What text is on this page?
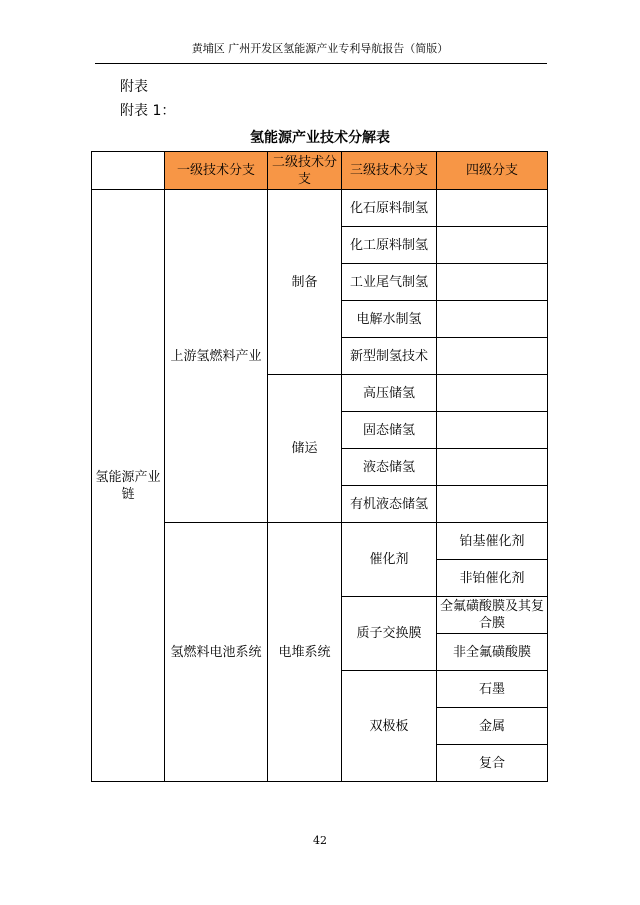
黄埔区 广州开发区氢能源产业专利导航报告（简版）
附表
附表 1：
氢能源产业技术分解表
	一级技术分支	二级技术分支	三级技术分支	四级分支
氢能源产业链	上游氢燃料产业	制备	化石原料制氢	
			化工原料制氢	
			工业尾气制氢	
			电解水制氢	
			新型制氢技术	
		储运	高压储氢	
			固态储氢	
			液态储氢	
			有机液态储氢	
	氢燃料电池系统	电堆系统	催化剂	铂基催化剂
				非铂催化剂
			质子交换膜	全氟磺酸膜及其复合膜
				非全氟磺酸膜
			双极板	石墨
				金属
				复合
42
